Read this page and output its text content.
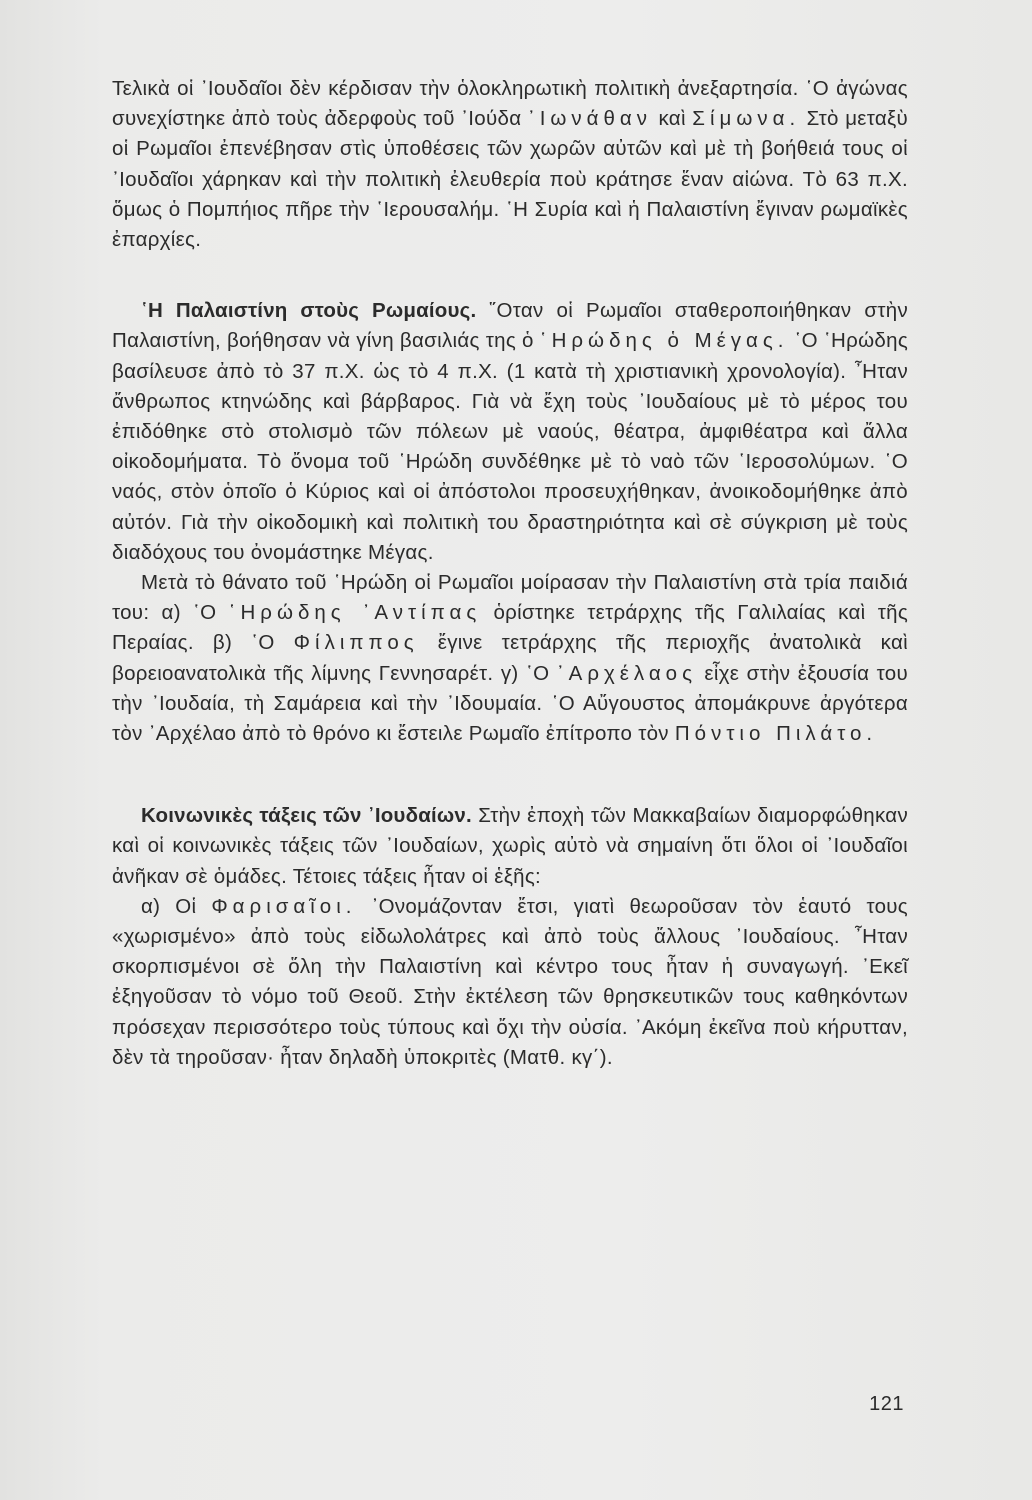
Τελικὰ οἱ ᾿Ιουδαῖοι δὲν κέρδισαν τὴν ὁλοκληρωτικὴ πολιτικὴ ἀνεξαρτησία. ῾Ο ἀγώνας συνεχίστηκε ἀπὸ τοὺς ἀδερφοὺς τοῦ ᾿Ιούδα ᾿Ιωνάθαν καὶ Σίμωνα. Στὸ μεταξὺ οἱ Ρωμαῖοι ἐπενέβησαν στὶς ὑποθέσεις τῶν χωρῶν αὐτῶν καὶ μὲ τὴ βοήθειά τους οἱ ᾿Ιουδαῖοι χάρηκαν καὶ τὴν πολιτικὴ ἐλευθερία ποὺ κράτησε ἕναν αἰώνα. Τὸ 63 π.Χ. ὅμως ὁ Πομπήιος πῆρε τὴν ῾Ιερουσαλήμ. ῾Η Συρία καὶ ἡ Παλαιστίνη ἔγιναν ρωμαϊκὲς ἐπαρχίες.

῾Η Παλαιστίνη στοὺς Ρωμαίους. ῞Οταν οἱ Ρωμαῖοι σταθεροποιήθηκαν στὴν Παλαιστίνη, βοήθησαν νὰ γίνη βασιλιάς της ὁ ῾Ηρώδης ὁ Μέγας. ῾Ο ῾Ηρώδης βασίλευσε ἀπὸ τὸ 37 π.Χ. ὡς τὸ 4 π.Χ. (1 κατὰ τὴ χριστιανικὴ χρονολογία). ῏Ηταν ἄνθρωπος κτηνώδης καὶ βάρβαρος. Γιὰ νὰ ἔχη τοὺς ᾿Ιουδαίους μὲ τὸ μέρος του ἐπιδόθηκε στὸ στολισμὸ τῶν πόλεων μὲ ναούς, θέατρα, ἀμφιθέατρα καὶ ἄλλα οἰκοδομήματα. Τὸ ὄνομα τοῦ ῾Ηρώδη συνδέθηκε μὲ τὸ ναὸ τῶν ῾Ιεροσολύμων. ῾Ο ναός, στὸν ὁποῖο ὁ Κύριος καὶ οἱ ἀπόστολοι προσευχήθηκαν, ἀνοικοδομήθηκε ἀπὸ αὐτόν. Γιὰ τὴν οἰκοδομικὴ καὶ πολιτικὴ του δραστηριότητα καὶ σὲ σύγκριση μὲ τοὺς διαδόχους του ὀνομάστηκε Μέγας.

Μετὰ τὸ θάνατο τοῦ ῾Ηρώδη οἱ Ρωμαῖοι μοίρασαν τὴν Παλαιστίνη στὰ τρία παιδιά του: α) ῾Ο ῾Ηρώδης ᾿Αντίπας ὁρίστηκε τετράρχης τῆς Γαλιλαίας καὶ τῆς Περαίας. β) ῾Ο Φίλιππος ἔγινε τετράρχης τῆς περιοχῆς ἀνατολικὰ καὶ βορειοανατολικὰ τῆς λίμνης Γεννησαρέτ. γ) ῾Ο ᾿Αρχέλαος εἶχε στὴν ἐξουσία του τὴν ᾿Ιουδαία, τὴ Σαμάρεια καὶ τὴν ᾿Ιδουμαία. ῾Ο Αὔγουστος ἀπομάκρυνε ἀργότερα τὸν ᾿Αρχέλαο ἀπὸ τὸ θρόνο κι ἔστειλε Ρωμαῖο ἐπίτροπο τὸν Πόντιο Πιλάτο.

Κοινωνικὲς τάξεις τῶν ᾿Ιουδαίων. Στὴν ἐποχὴ τῶν Μακκαβαίων διαμορφώθηκαν καὶ οἱ κοινωνικὲς τάξεις τῶν ᾿Ιουδαίων, χωρὶς αὐτὸ νὰ σημαίνη ὅτι ὅλοι οἱ ᾿Ιουδαῖοι ἀνῆκαν σὲ ὁμάδες. Τέτοιες τάξεις ἦταν οἱ ἑξῆς:

α) Οἱ Φαρισαῖοι. ᾿Ονομάζονταν ἔτσι, γιατὶ θεωροῦσαν τὸν ἑαυτό τους «χωρισμένο» ἀπὸ τοὺς εἰδωλολάτρες καὶ ἀπὸ τοὺς ἄλλους ᾿Ιουδαίους. ῏Ηταν σκορπισμένοι σὲ ὅλη τὴν Παλαιστίνη καὶ κέντρο τους ἦταν ἡ συναγωγή. ᾿Εκεῖ ἐξηγοῦσαν τὸ νόμο τοῦ Θεοῦ. Στὴν ἐκτέλεση τῶν θρησκευτικῶν τους καθηκόντων πρόσεχαν περισσότερο τοὺς τύπους καὶ ὄχι τὴν οὐσία. ᾿Ακόμη ἐκεῖνα ποὺ κήρυτταν, δὲν τὰ τηροῦσαν· ἦταν δηλαδὴ ὑποκριτὲς (Ματθ. κγ΄).

121
